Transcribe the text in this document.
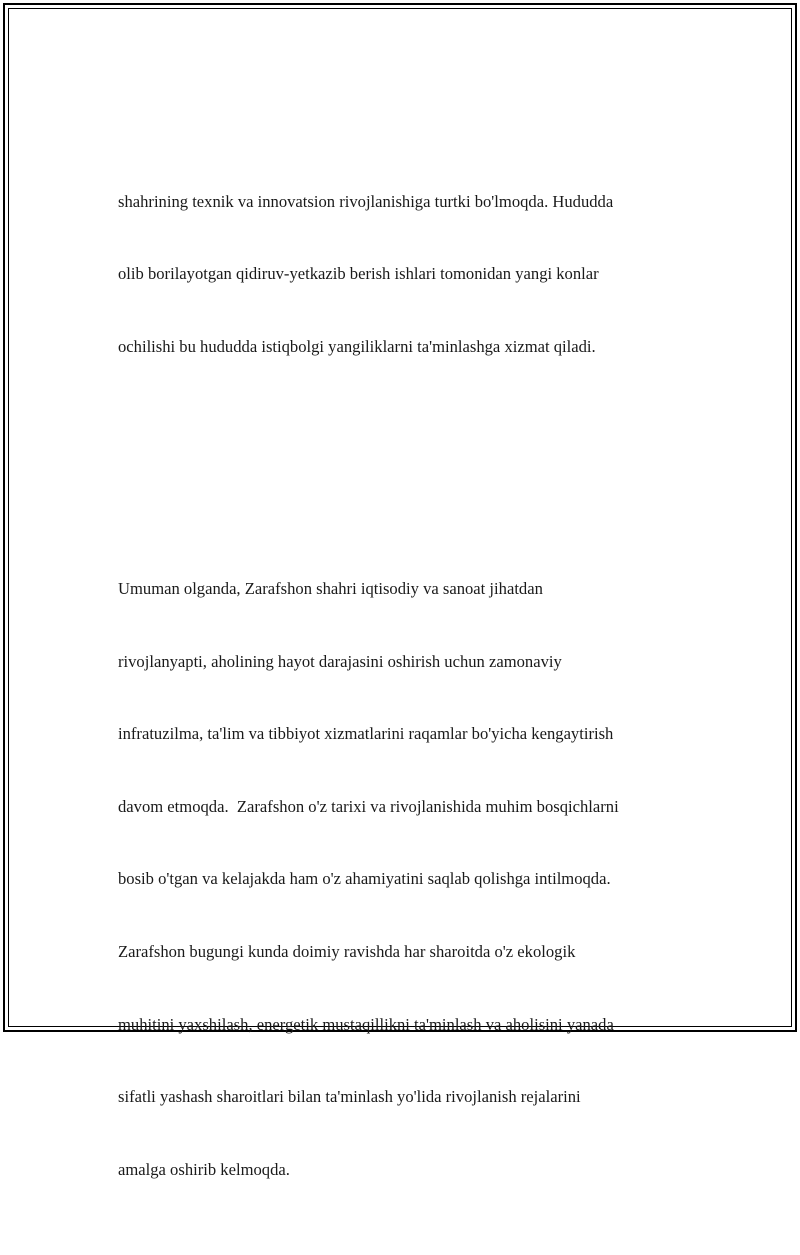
shahrining texnik va innovatsion rivojlanishiga turtki bo'lmoqda. Hududda

olib borilayotgan qidiruv-yetkazib berish ishlari tomonidan yangi konlar

ochilishi bu hududda istiqbolgi yangiliklarni ta'minlashga xizmat qiladi.

Umuman olganda, Zarafshon shahri iqtisodiy va sanoat jihatdan

rivojlanyapti, aholining hayot darajasini oshirish uchun zamonaviy

infratuzilma, ta'lim va tibbiyot xizmatlarini raqamlar bo'yicha kengaytirish

davom etmoqda.  Zarafshon o'z tarixi va rivojlanishida muhim bosqichlarni

bosib o'tgan va kelajakda ham o'z ahamiyatini saqlab qolishga intilmoqda.

Zarafshon bugungi kunda doimiy ravishda har sharoitda o'z ekologik

muhitini yaxshilash, energetik mustaqillikni ta'minlash va aholisini yanada

sifatli yashash sharoitlari bilan ta'minlash yo'lida rivojlanish rejalarini

amalga oshirib kelmoqda.
